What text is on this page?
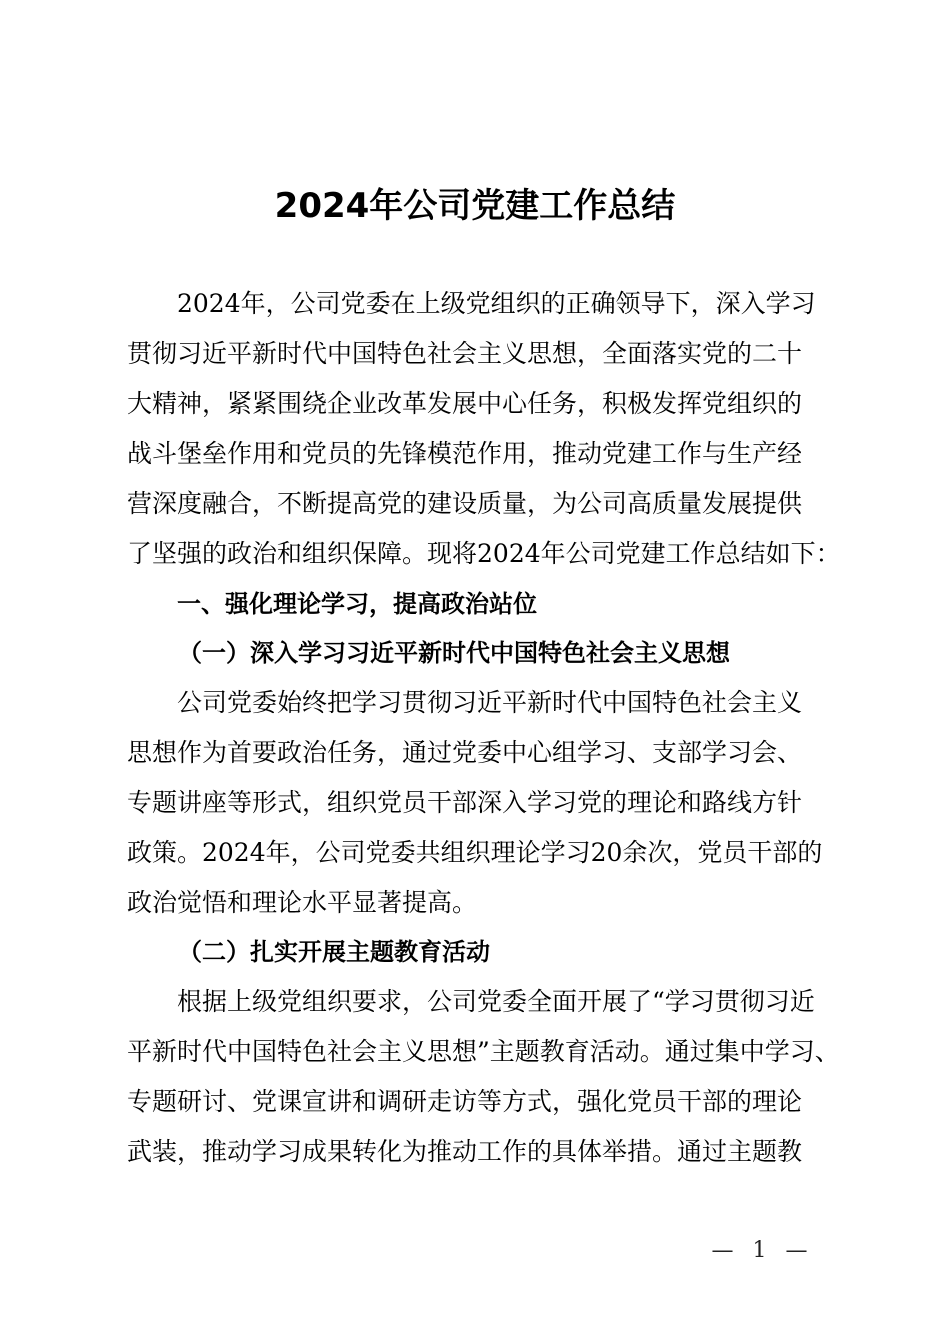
2024年公司党建工作总结
2024年，公司党委在上级党组织的正确领导下，深入学习
贯彻习近平新时代中国特色社会主义思想，全面落实党的二十
大精神，紧紧围绕企业改革发展中心任务，积极发挥党组织的
战斗堡垒作用和党员的先锋模范作用，推动党建工作与生产经
营深度融合，不断提高党的建设质量，为公司高质量发展提供
了坚强的政治和组织保障。现将2024年公司党建工作总结如下：
一、强化理论学习，提高政治站位
（一）深入学习习近平新时代中国特色社会主义思想
公司党委始终把学习贯彻习近平新时代中国特色社会主义
思想作为首要政治任务，通过党委中心组学习、支部学习会、
专题讲座等形式，组织党员干部深入学习党的理论和路线方针
政策。2024年，公司党委共组织理论学习20余次，党员干部的
政治觉悟和理论水平显著提高。
（二）扎实开展主题教育活动
根据上级党组织要求，公司党委全面开展了“学习贯彻习近
平新时代中国特色社会主义思想”主题教育活动。通过集中学习、
专题研讨、党课宣讲和调研走访等方式，强化党员干部的理论
武装，推动学习成果转化为推动工作的具体举措。通过主题教
— 1 —
